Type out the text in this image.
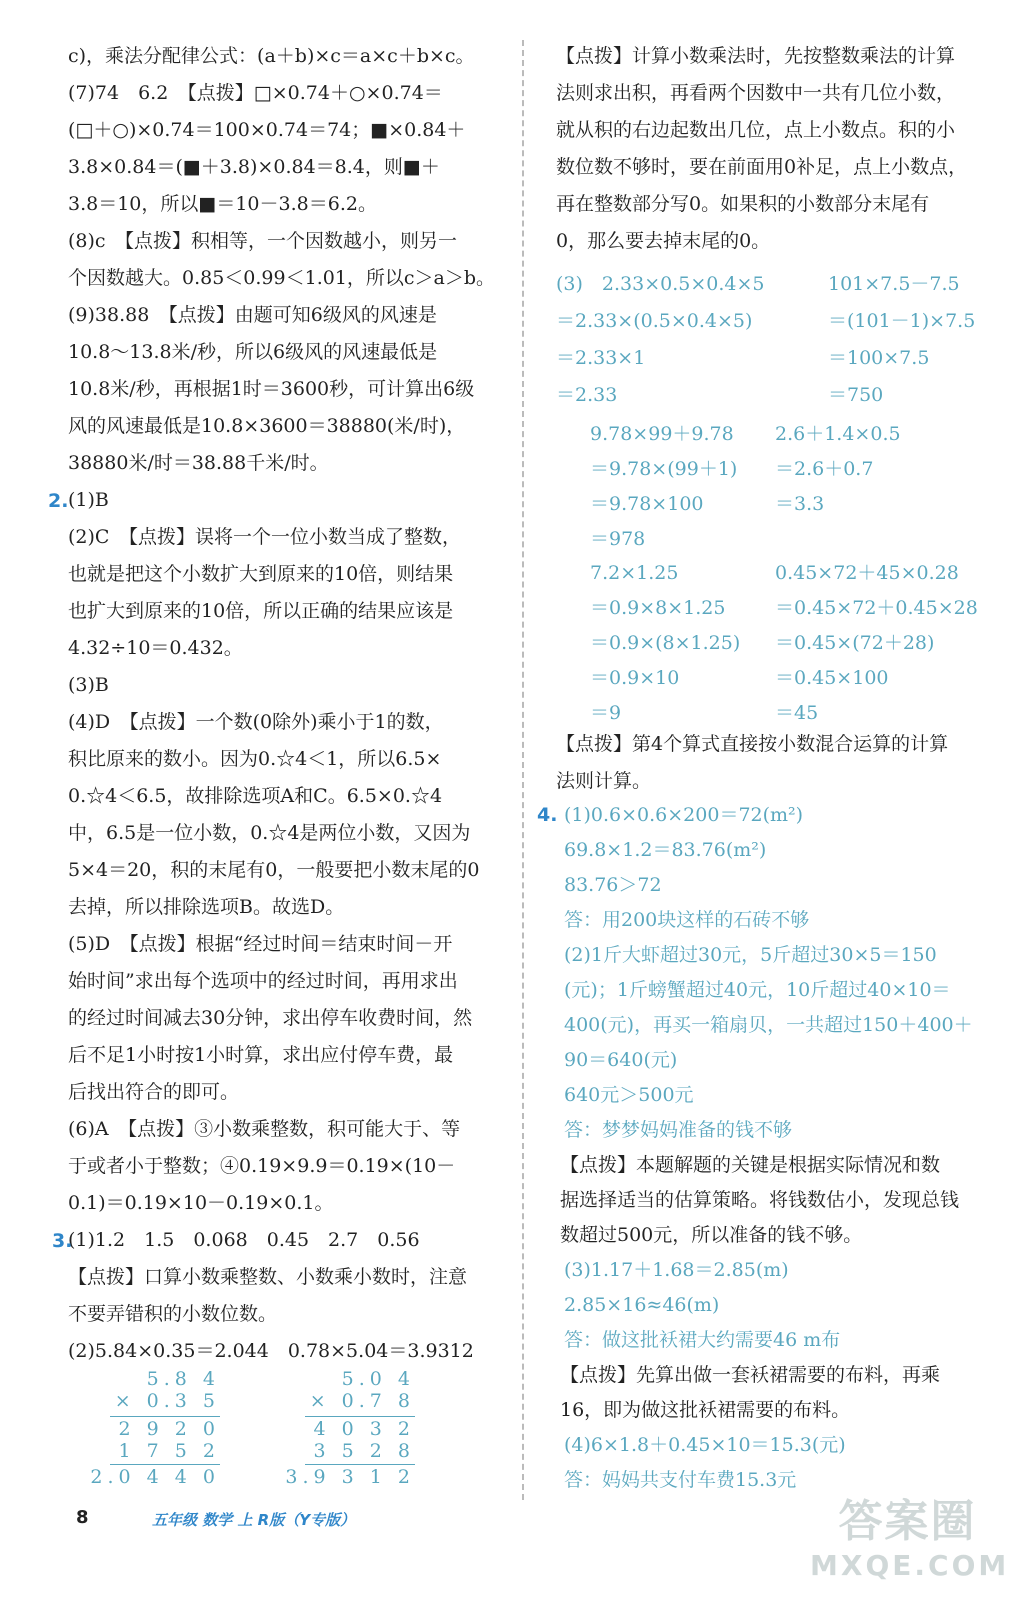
c)，乘法分配律公式：(a＋b)×c＝a×c＋b×c。
(7)74　6.2　【点拨】□×0.74＋○×0.74＝
(□＋○)×0.74＝100×0.74＝74；■×0.84＋
3.8×0.84＝(■＋3.8)×0.84＝8.4，则■＋
3.8＝10，所以■＝10－3.8＝6.2。
(8)c　【点拨】积相等，一个因数越小，则另一
个因数越大。0.85＜0.99＜1.01，所以c＞a＞b。
(9)38.88　【点拨】由题可知6级风的风速是
10.8～13.8米/秒，所以6级风的风速最低是
10.8米/秒，再根据1时＝3600秒，可计算出6级
风的风速最低是10.8×3600＝38880(米/时)，
38880米/时＝38.88千米/时。
(1)B
(2)C　【点拨】误将一个一位小数当成了整数，
也就是把这个小数扩大到原来的10倍，则结果
也扩大到原来的10倍，所以正确的结果应该是
4.32÷10＝0.432。
(3)B
(4)D　【点拨】一个数(0除外)乘小于1的数，
积比原来的数小。因为0.☆4＜1，所以6.5×
0.☆4＜6.5，故排除选项A和C。6.5×0.☆4
中，6.5是一位小数，0.☆4是两位小数，又因为
5×4＝20，积的末尾有0，一般要把小数末尾的0
去掉，所以排除选项B。故选D。
(5)D　【点拨】根据“经过时间＝结束时间－开
始时间”求出每个选项中的经过时间，再用求出
的经过时间减去30分钟，求出停车收费时间，然
后不足1小时按1小时算，求出应付停车费，最
后找出符合的即可。
(6)A　【点拨】③小数乘整数，积可能大于、等
于或者小于整数；④0.19×9.9＝0.19×(10－
0.1)＝0.19×10－0.19×0.1。
(1)1.2　1.5　0.068　0.45　2.7　0.56
【点拨】口算小数乘整数、小数乘小数时，注意
不要弄错积的小数位数。
(2)5.84×0.35＝2.044　0.78×5.04＝3.9312
2.
3.
5.8 4
× 0.3 5
2 9 2 0
1 7 5 2
2.0 4 4 0
5.0 4
× 0.7 8
4 0 3 2
3 5 2 8
3.9 3 1 2
【点拨】计算小数乘法时，先按整数乘法的计算
法则求出积，再看两个因数中一共有几位小数，
就从积的右边起数出几位，点上小数点。积的小
数位数不够时，要在前面用0补足，点上小数点，
再在整数部分写0。如果积的小数部分末尾有
0，那么要去掉末尾的0。
(3)　2.33×0.5×0.4×5
＝2.33×(0.5×0.4×5)
＝2.33×1
＝2.33
101×7.5－7.5
＝(101－1)×7.5
＝100×7.5
＝750
9.78×99＋9.78
＝9.78×(99＋1)
＝9.78×100
＝978
2.6＋1.4×0.5
＝2.6＋0.7
＝3.3
7.2×1.25
＝0.9×8×1.25
＝0.9×(8×1.25)
＝0.9×10
＝9
0.45×72＋45×0.28
＝0.45×72＋0.45×28
＝0.45×(72＋28)
＝0.45×100
＝45
8	五年级 数学 上 R版（Y专版）	答案圈
MXQE.COM
【点拨】第4个算式直接按小数混合运算的计算
法则计算。
(1)0.6×0.6×200＝72(m²)
69.8×1.2＝83.76(m²)
83.76＞72
答：用200块这样的石砖不够
(2)1斤大虾超过30元，5斤超过30×5＝150
(元)；1斤螃蟹超过40元，10斤超过40×10＝
400(元)，再买一箱扇贝，一共超过150＋400＋
90＝640(元)
640元＞500元
答：梦梦妈妈准备的钱不够
【点拨】本题解题的关键是根据实际情况和数
据选择适当的估算策略。将钱数估小，发现总钱
数超过500元，所以准备的钱不够。
(3)1.17＋1.68＝2.85(m)
2.85×16≈46(m)
答：做这批袄裙大约需要46 m布
【点拨】先算出做一套袄裙需要的布料，再乘
16，即为做这批袄裙需要的布料。
(4)6×1.8＋0.45×10＝15.3(元)
答：妈妈共支付车费15.3元
4.
